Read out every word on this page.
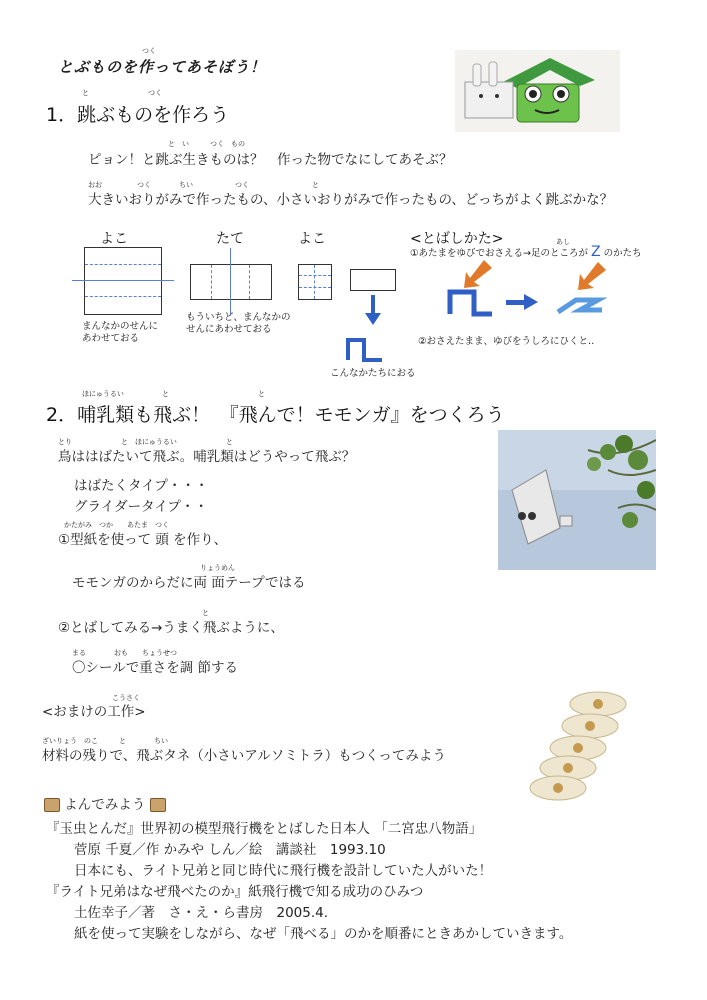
とぶものを作ってあそぼう！
つく
と	つく
1．跳ぶものを作ろう
と　い　　　つく　もの
ピョン！と跳ぶ生きものは？　作った物でなにしてあそぶ？
おお　　　　　つく　　　　ちい　　　　　　つく　　　　　　　　　と
大きいおりがみで作ったもの、小さいおりがみで作ったもの、どっちがよく跳ぶかな？
よこ	たて	よこ
まんなかのせんに
あわせておる
もういちど、まんなかの
せんにあわせておる
こんなかたちにおる
<とばしかた>	あし
①あたまをゆびでおさえる→足のところが Z のかたち
②おさえたまま、ゆびをうしろにひくと‥
ほにゅうるい	と	と
2．哺乳類も飛ぶ！　『飛んで！モモンガ』をつくろう
とり　　　　　　　と　ほにゅうるい　　　　　　　と
鳥ははばたいて飛ぶ。哺乳類はどうやって飛ぶ？
はばたくタイプ・・・
グライダータイプ・・
かたがみ　つか　　あたま　つく
①型紙を使って 頭 を作り、
りょうめん
モモンガのからだに両 面テープではる
と
②とばしてみる→うまく飛ぶように、
まる　　　　おも　　ちょうせつ
〇シールで重さを調 節する
こうさく
<おまけの工作>
ざいりょう　のこ　　　と　　　　ちい
材料の残りで、飛ぶタネ（小さいアルソミトラ）もつくってみよう
よんでみよう
『玉虫とんだ』世界初の模型飛行機をとばした日本人 「二宮忠八物語」
菅原 千夏／作 かみや しん／絵　講談社　1993.10
日本にも、ライト兄弟と同じ時代に飛行機を設計していた人がいた！
『ライト兄弟はなぜ飛べたのか』紙飛行機で知る成功のひみつ
土佐幸子／著　さ・え・ら書房　2005.4.
紙を使って実験をしながら、なぜ「飛べる」のかを順番にときあかしていきます。
